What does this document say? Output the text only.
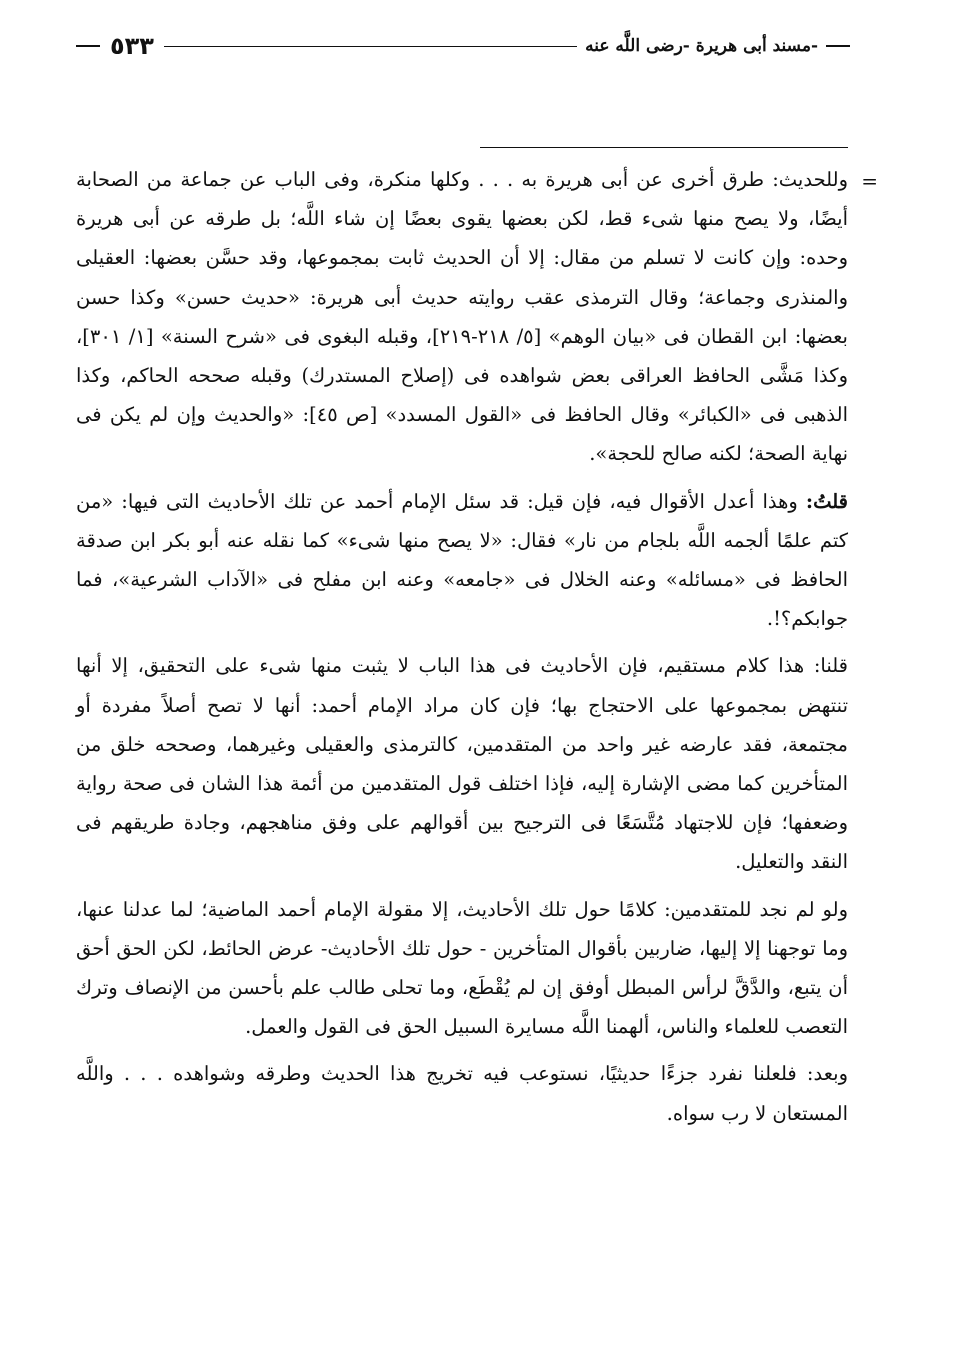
٥٣٣	مسند أبى هريرة -رضى اللَّه عنه-

=
وللحديث: طرق أخرى عن أبى هريرة به . . . وكلها منكرة، وفى الباب عن جماعة من الصحابة أيضًا، ولا يصح منها شىء قط، لكن بعضها يقوى بعضًا إن شاء اللَّه؛ بل طرقه عن أبى هريرة وحده: وإن كانت لا تسلم من مقال: إلا أن الحديث ثابت بمجموعها، وقد حسَّن بعضها: العقيلى والمنذرى وجماعة؛ وقال الترمذى عقب روايته حديث أبى هريرة: «حديث حسن» وكذا حسن بعضها: ابن القطان فى «بيان الوهم» [٥/ ٢١٨-٢١٩]، وقبله البغوى فى «شرح السنة» [١/ ٣٠١]، وكذا مَشَّى الحافظ العراقى بعض شواهده فى (إصلاح المستدرك) وقبله صححه الحاكم، وكذا الذهبى فى «الكبائر» وقال الحافظ فى «القول المسدد» [ص ٤٥]: «والحديث وإن لم يكن فى نهاية الصحة؛ لكنه صالح للحجة».

قلتُ: وهذا أعدل الأقوال فيه، فإن قيل: قد سئل الإمام أحمد عن تلك الأحاديث التى فيها: «من كتم علمًا ألجمه اللَّه بلجام من نار» فقال: «لا يصح منها شىء» كما نقله عنه أبو بكر ابن صدقة الحافظ فى «مسائله» وعنه الخلال فى «جامعه» وعنه ابن مفلح فى «الآداب الشرعية»، فما جوابكم؟!.

قلنا: هذا كلام مستقيم، فإن الأحاديث فى هذا الباب لا يثبت منها شىء على التحقيق، إلا أنها تنتهض بمجموعها على الاحتجاج بها؛ فإن كان مراد الإمام أحمد: أنها لا تصح أصلاً مفردة أو مجتمعة، فقد عارضه غير واحد من المتقدمين، كالترمذى والعقيلى وغيرهما، وصححه خلق من المتأخرين كما مضى الإشارة إليه، فإذا اختلف قول المتقدمين من أئمة هذا الشان فى صحة رواية وضعفها؛ فإن للاجتهاد مُتَّسَعًا فى الترجيح بين أقوالهم على وفق مناهجهم، وجادة طريقهم فى النقد والتعليل.

ولو لم نجد للمتقدمين: كلامًا حول تلك الأحاديث، إلا مقولة الإمام أحمد الماضية؛ لما عدلنا عنها، وما توجهنا إلا إليها، ضاربين بأقوال المتأخرين - حول تلك الأحاديث- عرض الحائط، لكن الحق أحق أن يتبع، والدَّقَّ لرأس المبطل أوفق إن لم يُقْطَع، وما تحلى طالب علم بأحسن من الإنصاف وترك التعصب للعلماء والناس، ألهمنا اللَّه مسايرة السبيل الحق فى القول والعمل.

وبعد: فلعلنا نفرد جزءًا حديثيًا، نستوعب فيه تخريج هذا الحديث وطرقه وشواهده . . . واللَّه المستعان لا رب سواه.
